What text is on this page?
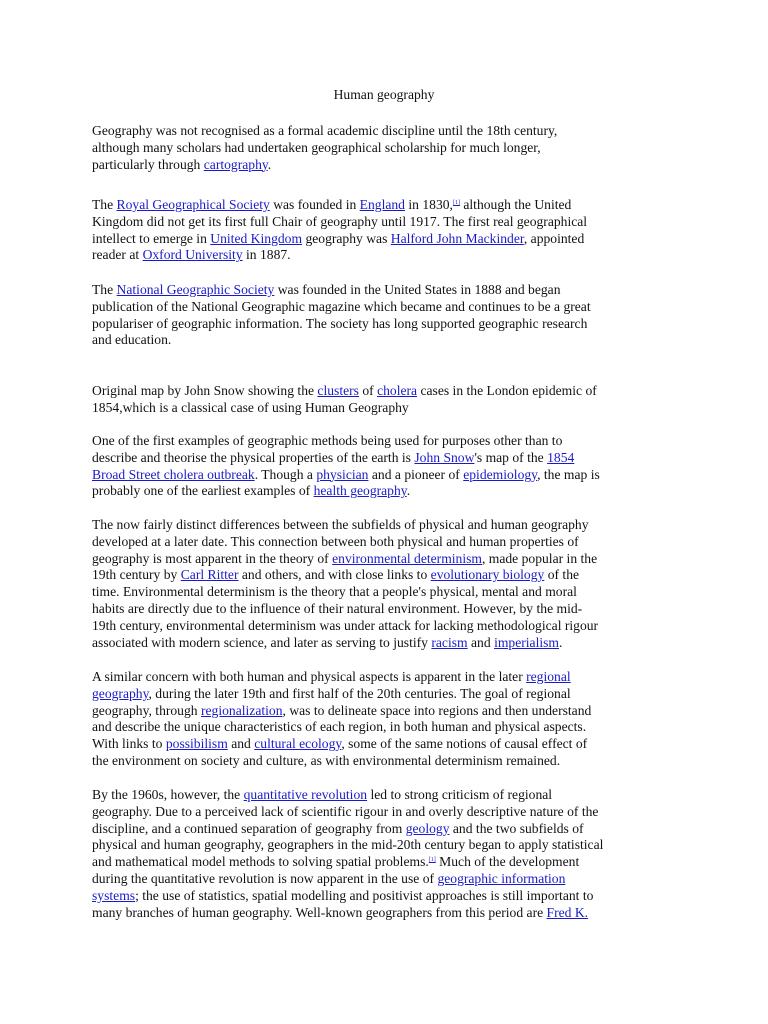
Human geography
Geography was not recognised as a formal academic discipline until the 18th century,
although many scholars had undertaken geographical scholarship for much longer,
particularly through cartography.
The Royal Geographical Society was founded in England in 1830,[1] although the United
Kingdom did not get its first full Chair of geography until 1917. The first real geographical
intellect to emerge in United Kingdom geography was Halford John Mackinder, appointed
reader at Oxford University in 1887.
The National Geographic Society was founded in the United States in 1888 and began
publication of the National Geographic magazine which became and continues to be a great
populariser of geographic information. The society has long supported geographic research
and education.
Original map by John Snow showing the clusters of cholera cases in the London epidemic of
1854,which is a classical case of using Human Geography
One of the first examples of geographic methods being used for purposes other than to
describe and theorise the physical properties of the earth is John Snow's map of the 1854
Broad Street cholera outbreak. Though a physician and a pioneer of epidemiology, the map is
probably one of the earliest examples of health geography.
The now fairly distinct differences between the subfields of physical and human geography
developed at a later date. This connection between both physical and human properties of
geography is most apparent in the theory of environmental determinism, made popular in the
19th century by Carl Ritter and others, and with close links to evolutionary biology of the
time. Environmental determinism is the theory that a people's physical, mental and moral
habits are directly due to the influence of their natural environment. However, by the mid-
19th century, environmental determinism was under attack for lacking methodological rigour
associated with modern science, and later as serving to justify racism and imperialism.
A similar concern with both human and physical aspects is apparent in the later regional
geography, during the later 19th and first half of the 20th centuries. The goal of regional
geography, through regionalization, was to delineate space into regions and then understand
and describe the unique characteristics of each region, in both human and physical aspects.
With links to possibilism and cultural ecology, some of the same notions of causal effect of
the environment on society and culture, as with environmental determinism remained.
By the 1960s, however, the quantitative revolution led to strong criticism of regional
geography. Due to a perceived lack of scientific rigour in and overly descriptive nature of the
discipline, and a continued separation of geography from geology and the two subfields of
physical and human geography, geographers in the mid-20th century began to apply statistical
and mathematical model methods to solving spatial problems.[1] Much of the development
during the quantitative revolution is now apparent in the use of geographic information
systems; the use of statistics, spatial modelling and positivist approaches is still important to
many branches of human geography. Well-known geographers from this period are Fred K.
